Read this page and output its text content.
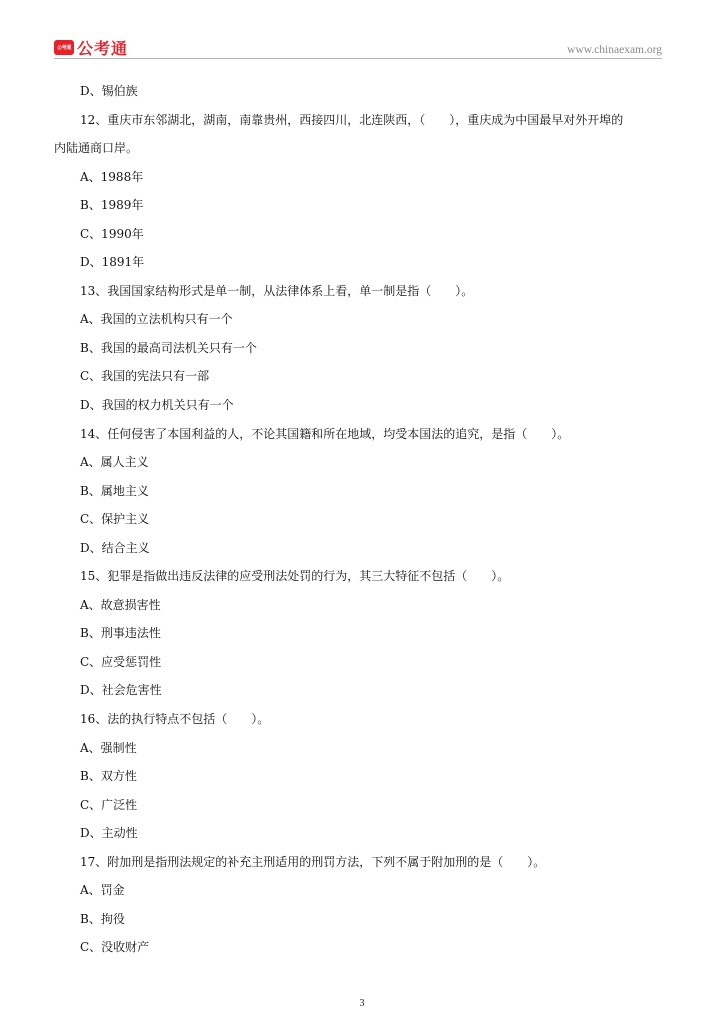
公考通 公考通	www.chinaexam.org
D、锡伯族
12、重庆市东邻湖北，湖南，南靠贵州，西接四川，北连陕西，（　　），重庆成为中国最早对外开埠的
内陆通商口岸。
A、1988年
B、1989年
C、1990年
D、1891年
13、我国国家结构形式是单一制，从法律体系上看，单一制是指（　　）。
A、我国的立法机构只有一个
B、我国的最高司法机关只有一个
C、我国的宪法只有一部
D、我国的权力机关只有一个
14、任何侵害了本国利益的人，不论其国籍和所在地域，均受本国法的追究，是指（　　）。
A、属人主义
B、属地主义
C、保护主义
D、结合主义
15、犯罪是指做出违反法律的应受刑法处罚的行为，其三大特征不包括（　　）。
A、故意损害性
B、刑事违法性
C、应受惩罚性
D、社会危害性
16、法的执行特点不包括（　　）。
A、强制性
B、双方性
C、广泛性
D、主动性
17、附加刑是指刑法规定的补充主刑适用的刑罚方法，下列不属于附加刑的是（　　）。
A、罚金
B、拘役
C、没收财产
3
